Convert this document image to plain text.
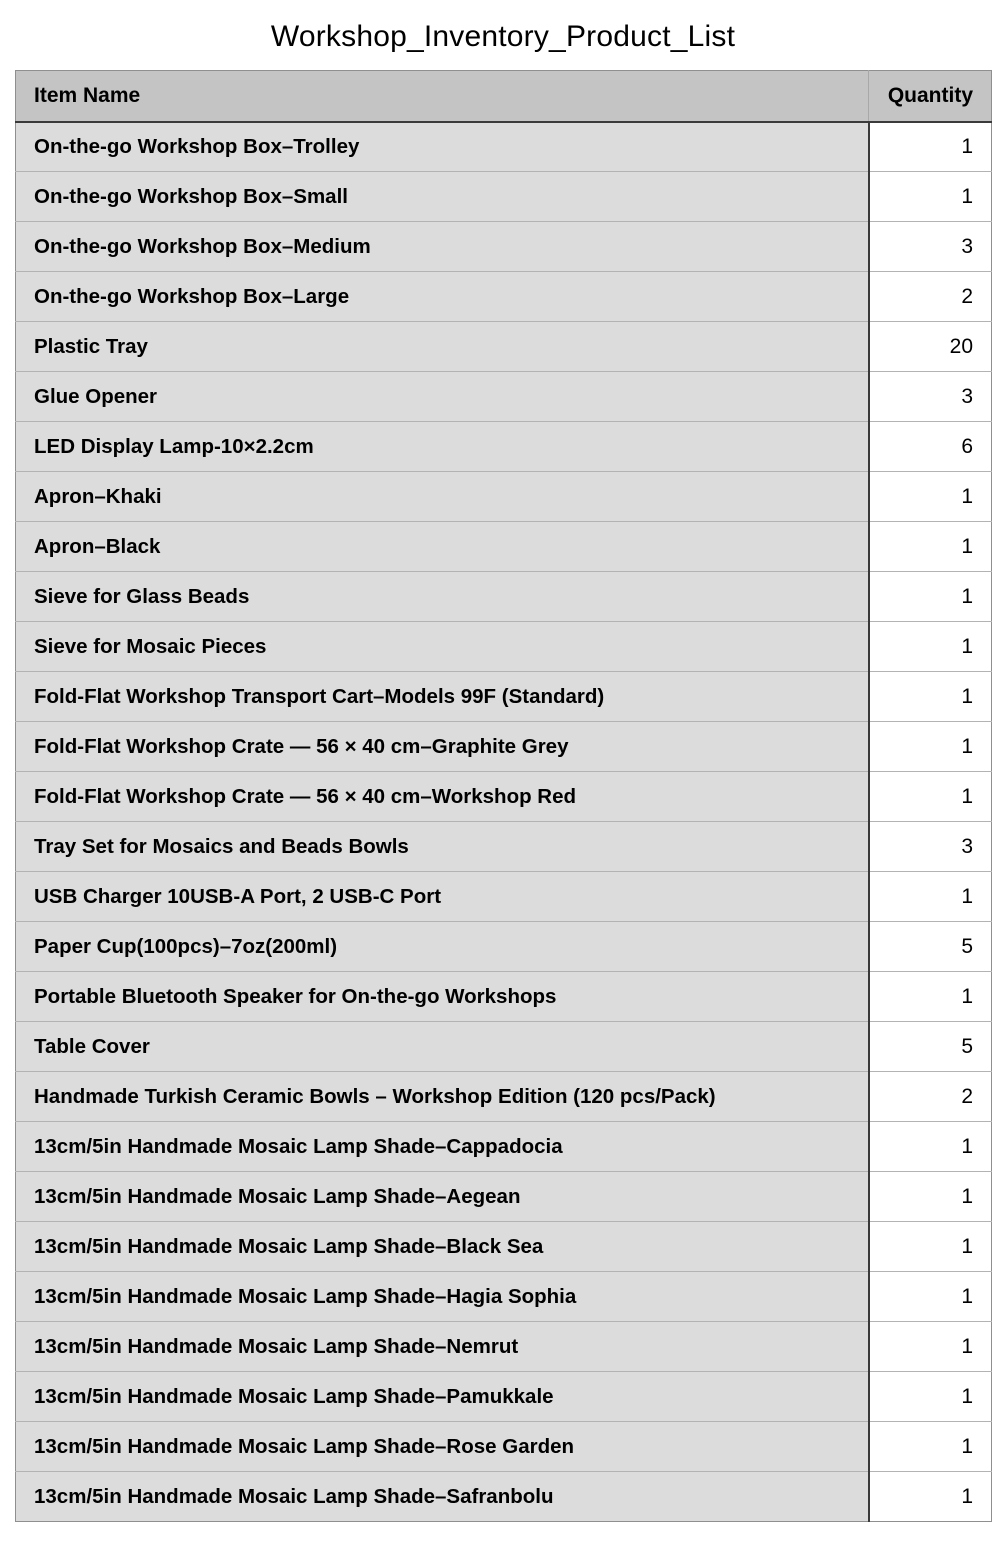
Workshop_Inventory_Product_List
Item Name	Quantity
On-the-go Workshop Box–Trolley	1
On-the-go Workshop Box–Small	1
On-the-go Workshop Box–Medium	3
On-the-go Workshop Box–Large	2
Plastic Tray	20
Glue Opener	3
LED Display Lamp-10×2.2cm	6
Apron–Khaki	1
Apron–Black	1
Sieve for Glass Beads	1
Sieve for Mosaic Pieces	1
Fold-Flat Workshop Transport Cart–Models 99F (Standard)	1
Fold-Flat Workshop Crate — 56 × 40 cm–Graphite Grey	1
Fold-Flat Workshop Crate — 56 × 40 cm–Workshop Red	1
Tray Set for Mosaics and Beads Bowls	3
USB Charger 10USB-A Port, 2 USB-C Port	1
Paper Cup(100pcs)–7oz(200ml)	5
Portable Bluetooth Speaker for On-the-go Workshops	1
Table Cover	5
Handmade Turkish Ceramic Bowls – Workshop Edition (120 pcs/Pack)	2
13cm/5in Handmade Mosaic Lamp Shade–Cappadocia	1
13cm/5in Handmade Mosaic Lamp Shade–Aegean	1
13cm/5in Handmade Mosaic Lamp Shade–Black Sea	1
13cm/5in Handmade Mosaic Lamp Shade–Hagia Sophia	1
13cm/5in Handmade Mosaic Lamp Shade–Nemrut	1
13cm/5in Handmade Mosaic Lamp Shade–Pamukkale	1
13cm/5in Handmade Mosaic Lamp Shade–Rose Garden	1
13cm/5in Handmade Mosaic Lamp Shade–Safranbolu	1
